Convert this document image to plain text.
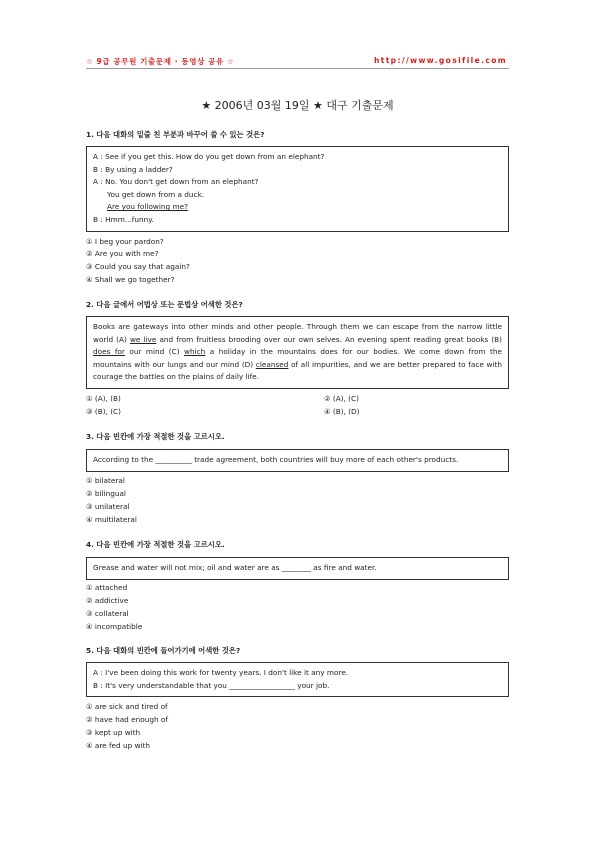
☆ 9급 공무원 기출문제 · 동영상 공유 ☆	http://www.gosifile.com
★ 2006년 03월 19일 ★ 대구 기출문제
1. 다음 대화의 밑줄 친 부분과 바꾸어 쓸 수 있는 것은?
A : See if you get this. How do you get down from an elephant?
B : By using a ladder?
A : No. You don't get down from an elephant?
You get down from a duck.
Are you following me?
B : Hmm...funny.
① I beg your pardon?
② Are you with me?
③ Could you say that again?
④ Shall we go together?
2. 다음 글에서 어법상 또는 문법상 어색한 것은?
Books are gateways into other minds and other people. Through them we can escape from the narrow little world (A) we live and from fruitless brooding over our own selves. An evening spent reading great books (B) does for our mind (C) which a holiday in the mountains does for our bodies. We come down from the mountains with our lungs and our mind (D) cleansed of all impurities, and we are better prepared to face with courage the battles on the plains of daily life.
① (A), (B)	② (A), (C)
③ (B), (C)	④ (B), (D)
3. 다음 빈칸에 가장 적절한 것을 고르시오.
According to the __________ trade agreement, both countries will buy more of each other's products.
① bilateral
② bilingual
③ unilateral
④ multilateral
4. 다음 빈칸에 가장 적절한 것을 고르시오.
Grease and water will not mix; oil and water are as ________ as fire and water.
① attached
② addictive
③ collateral
④ incompatible
5. 다음 대화의 빈칸에 들어가기에 어색한 것은?
A : I've been doing this work for twenty years. I don't like it any more.
B : It's very understandable that you __________________ your job.
① are sick and tired of
② have had enough of
③ kept up with
④ are fed up with
